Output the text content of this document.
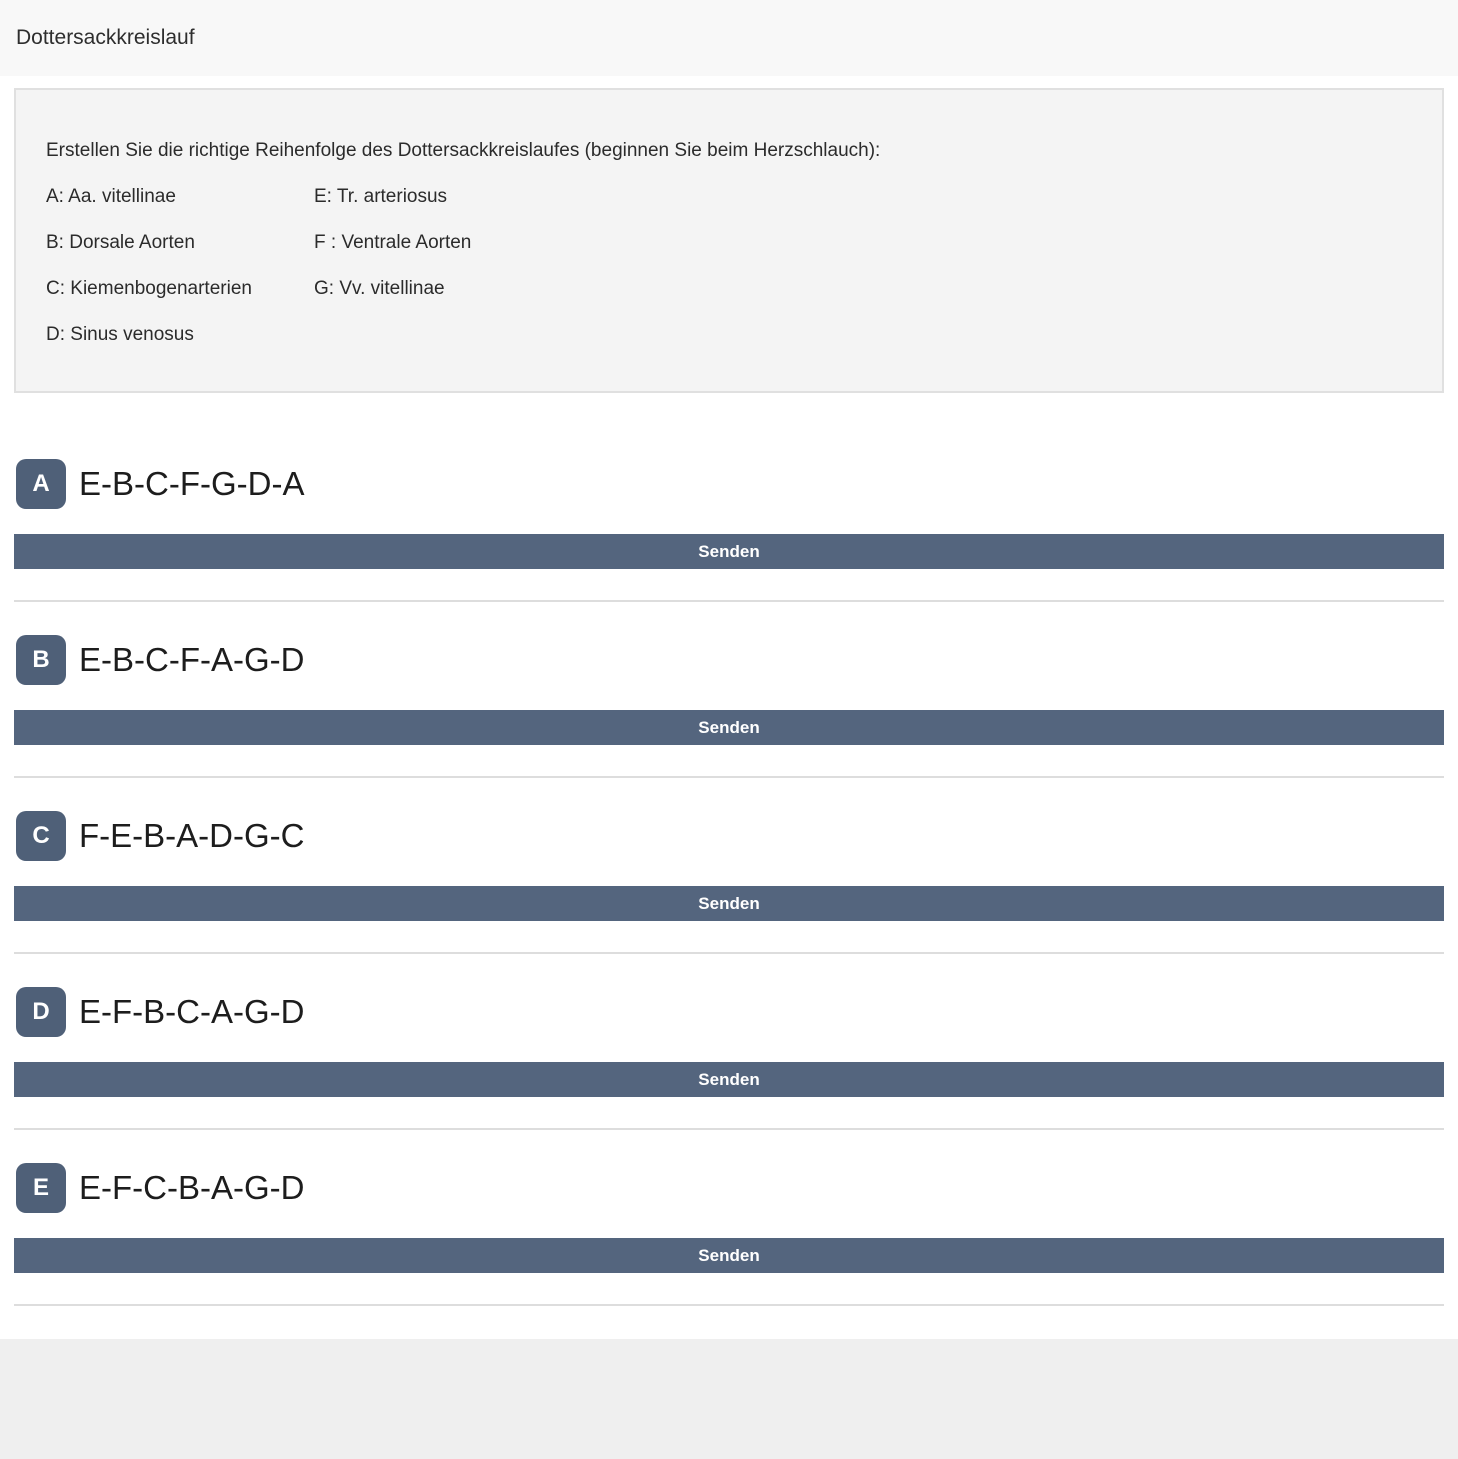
Dottersackkreislauf

Erstellen Sie die richtige Reihenfolge des Dottersackkreislaufes (beginnen Sie beim Herzschlauch):

A: Aa. vitellinae	E: Tr. arteriosus

B: Dorsale Aorten	F : Ventrale Aorten

C: Kiemenbogenarterien	G: Vv. vitellinae

D: Sinus venosus

A E-B-C-F-G-D-A
Senden
B E-B-C-F-A-G-D
Senden
C F-E-B-A-D-G-C
Senden
D E-F-B-C-A-G-D
Senden
E E-F-C-B-A-G-D
Senden
